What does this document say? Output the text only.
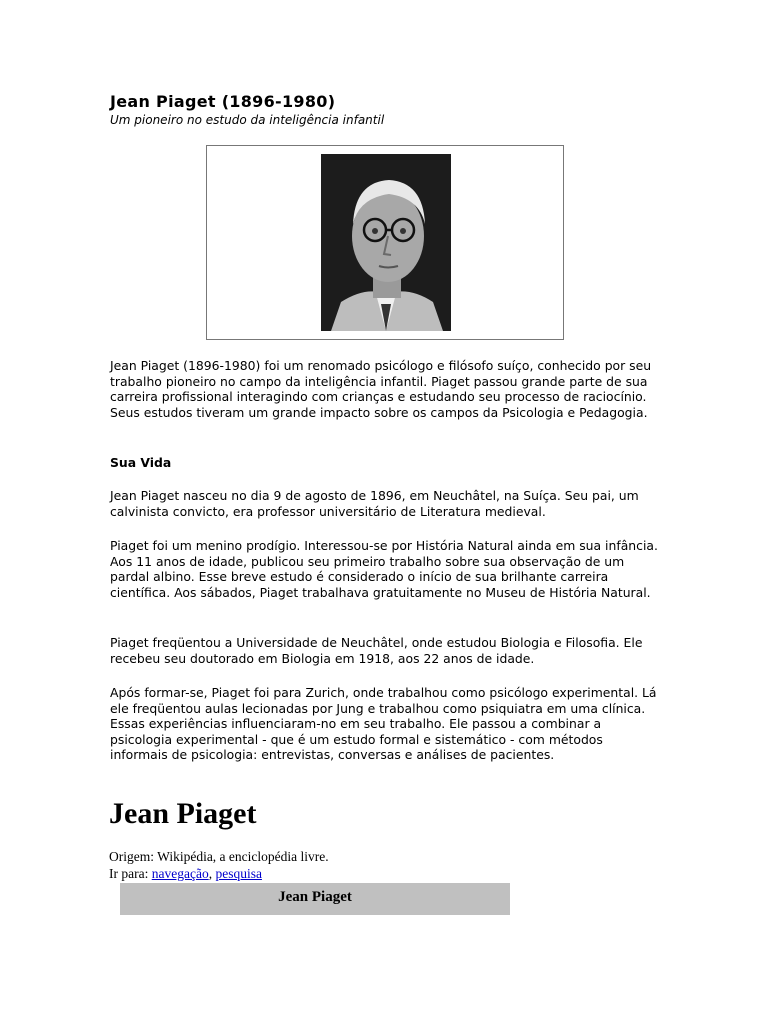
Jean Piaget (1896-1980)
Um pioneiro no estudo da inteligência infantil

Jean Piaget (1896-1980) foi um renomado psicólogo e filósofo suíço, conhecido por seu trabalho pioneiro no campo da inteligência infantil. Piaget passou grande parte de sua carreira profissional interagindo com crianças e estudando seu processo de raciocínio. Seus estudos tiveram um grande impacto sobre os campos da Psicologia e Pedagogia.

Sua Vida

Jean Piaget nasceu no dia 9 de agosto de 1896, em Neuchâtel, na Suíça. Seu pai, um calvinista convicto, era professor universitário de Literatura medieval.

Piaget foi um menino prodígio. Interessou-se por História Natural ainda em sua infância. Aos 11 anos de idade, publicou seu primeiro trabalho sobre sua observação de um pardal albino. Esse breve estudo é considerado o início de sua brilhante carreira científica. Aos sábados, Piaget trabalhava gratuitamente no Museu de História Natural.

Piaget freqüentou a Universidade de Neuchâtel, onde estudou Biologia e Filosofia. Ele recebeu seu doutorado em Biologia em 1918, aos 22 anos de idade.

Após formar-se, Piaget foi para Zurich, onde trabalhou como psicólogo experimental. Lá ele freqüentou aulas lecionadas por Jung e trabalhou como psiquiatra em uma clínica. Essas experiências influenciaram-no em seu trabalho. Ele passou a combinar a psicologia experimental - que é um estudo formal e sistemático - com métodos informais de psicologia: entrevistas, conversas e análises de pacientes.

Jean Piaget
Origem: Wikipédia, a enciclopédia livre.
Ir para: navegação, pesquisa
Jean Piaget
